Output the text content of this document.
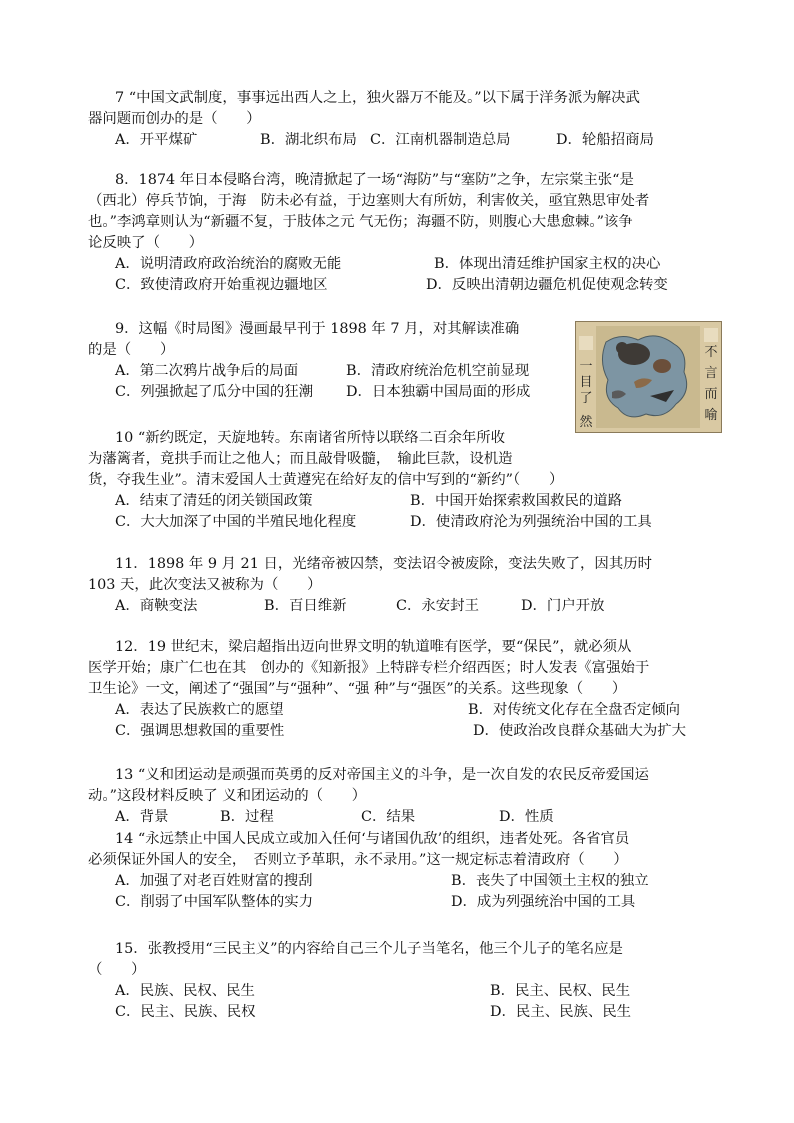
7 “中国文武制度，事事远出西人之上，独火器万不能及。”以下属于洋务派为解决武
器问题而创办的是（　　）
A．开平煤矿	B．湖北织布局 C．江南机器制造总局	D．轮船招商局
8．1874 年日本侵略台湾，晚清掀起了一场“海防”与“塞防”之争，左宗棠主张“是
（西北）停兵节饷，于海　防未必有益，于边塞则大有所妨，利害攸关，亟宜熟思审处者
也。”李鸿章则认为“新疆不复，于肢体之元 气无伤；海疆不防，则腹心大患愈棘。”该争
论反映了（　　）
A．说明清政府政治统治的腐败无能	B．体现出清廷维护国家主权的决心
C．致使清政府开始重视边疆地区	D．反映出清朝边疆危机促使观念转变
9．这幅《时局图》漫画最早刊于 1898 年 7 月，对其解读准确
的是（　　）
A．第二次鸦片战争后的局面	B．清政府统治危机空前显现
C．列强掀起了瓜分中国的狂潮 D．日本独霸中国局面的形成
一
目
了
然
不
言
而
喻
10 “新约既定，天旋地转。东南诸省所恃以联络二百余年所收
为藩篱者，竟拱手而让之他人；而且敲骨吸髓，　输此巨款，设机造
货，夺我生业”。清末爱国人士黄遵宪在给好友的信中写到的“新约”（　　）
A．结束了清廷的闭关锁国政策	B．中国开始探索救国救民的道路
C．大大加深了中国的半殖民地化程度	D．使清政府沦为列强统治中国的工具
11．1898 年 9 月 21 日，光绪帝被囚禁，变法诏令被废除，变法失败了，因其历时
103 天，此次变法又被称为（　　）
A．商鞅变法	B．百日维新	C．永安封王	D．门户开放
12．19 世纪末，梁启超指出迈向世界文明的轨道唯有医学，要“保民”，就必须从
医学开始；康广仁也在其　创办的《知新报》上特辟专栏介绍西医；时人发表《富强始于
卫生论》一文，阐述了“强国”与“强种”、“强 种”与“强医”的关系。这些现象（　　）
A．表达了民族救亡的愿望	B．对传统文化存在全盘否定倾向
C．强调思想救国的重要性	D．使政治改良群众基础大为扩大
13 “义和团运动是顽强而英勇的反对帝国主义的斗争，是一次自发的农民反帝爱国运
动。”这段材料反映了 义和团运动的（　　）
A．背景	B．过程	C．结果	D．性质
14 “永远禁止中国人民成立或加入任何‘与诸国仇敌’的组织，违者处死。各省官员
必须保证外国人的安全，　否则立予革职，永不录用。”这一规定标志着清政府（　　）
A．加强了对老百姓财富的搜刮	B．丧失了中国领土主权的独立
C．削弱了中国军队整体的实力	D．成为列强统治中国的工具
15．张教授用“三民主义”的内容给自己三个儿子当笔名，他三个儿子的笔名应是
（　　）
A．民族、民权、民生	B．民主、民权、民生
C．民主、民族、民权	D．民主、民族、民生
